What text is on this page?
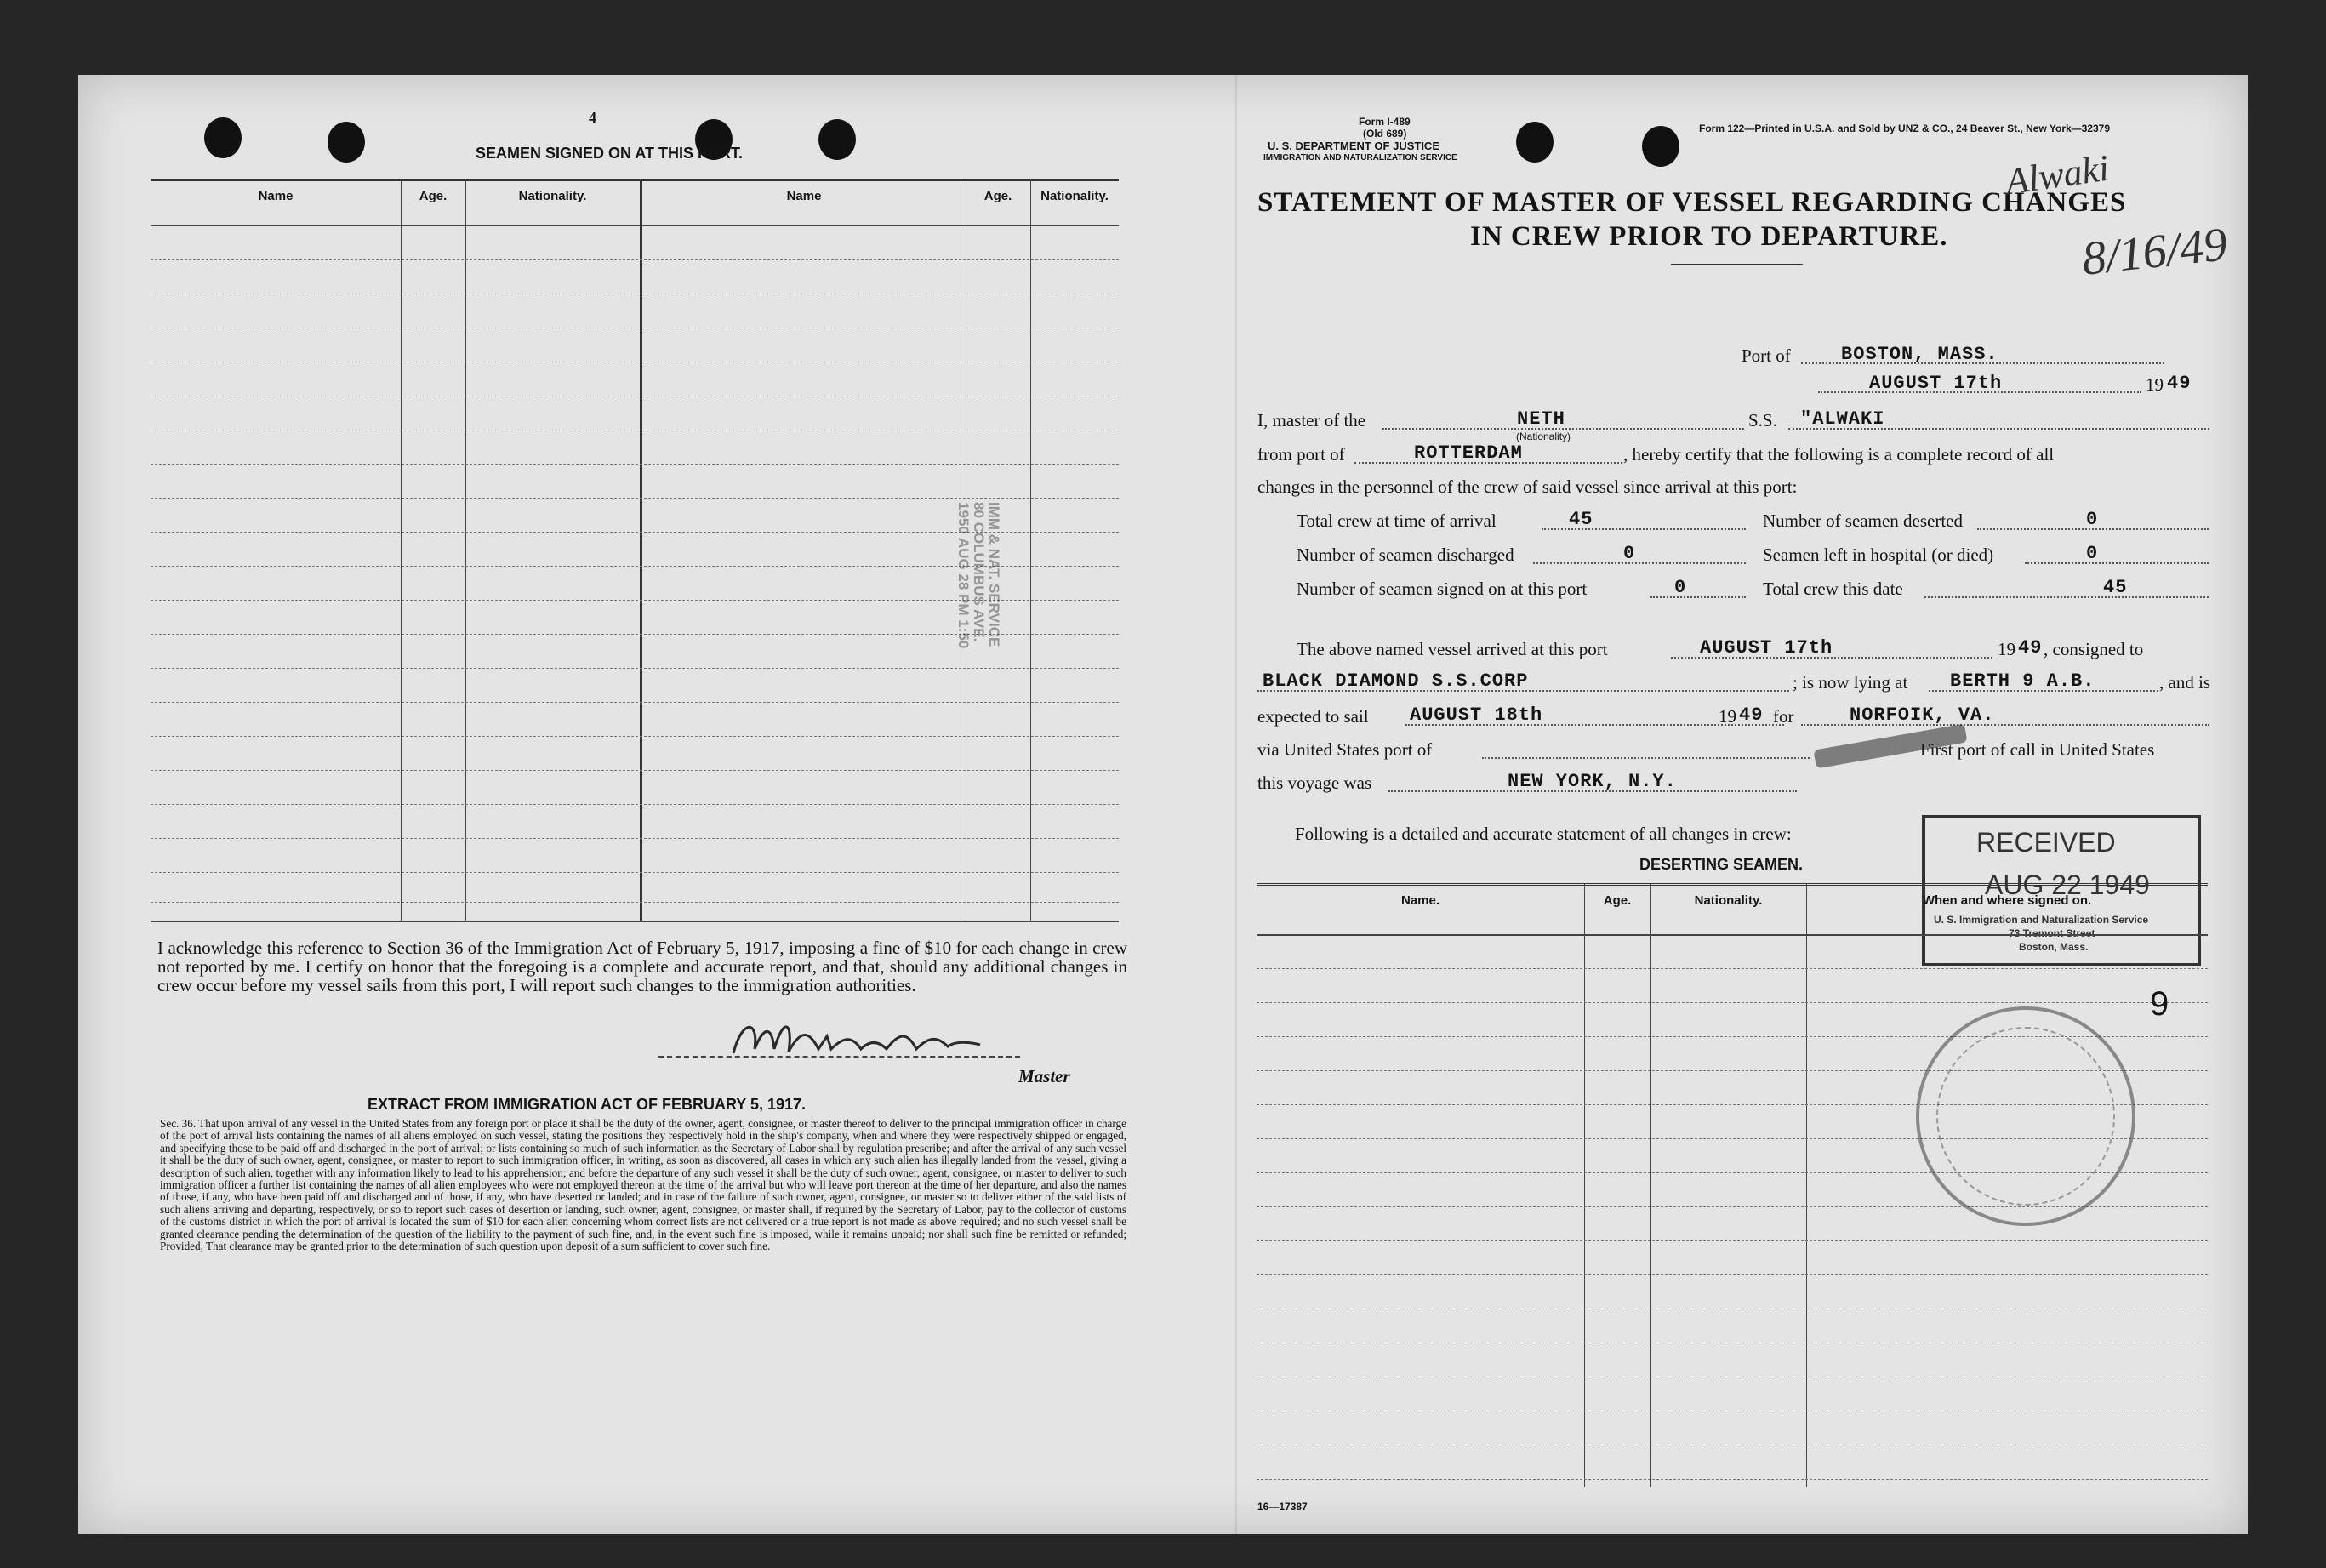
4
SEAMEN SIGNED ON AT THIS PORT.
Name	Age.	Nationality.	Name	Age.	Nationality.
IMM & NAT. SERVICE
80 COLUMBUS AVE.
1950 AUG 28 PM 1:50
I acknowledge this reference to Section 36 of the Immigration Act of February 5, 1917, imposing a fine of $10 for each change in crew not reported by me. I certify on honor that the foregoing is a complete and accurate report, and that, should any additional changes in crew occur before my vessel sails from this port, I will report such changes to the immigration authorities.
Master
EXTRACT FROM IMMIGRATION ACT OF FEBRUARY 5, 1917.
Sec. 36. That upon arrival of any vessel in the United States from any foreign port or place it shall be the duty of the owner, agent, consignee, or master thereof to deliver to the principal immigration officer in charge of the port of arrival lists containing the names of all aliens employed on such vessel, stating the positions they respectively hold in the ship's company, when and where they were respectively shipped or engaged, and specifying those to be paid off and discharged in the port of arrival; or lists containing so much of such information as the Secretary of Labor shall by regulation prescribe; and after the arrival of any such vessel it shall be the duty of such owner, agent, consignee, or master to report to such immigration officer, in writing, as soon as discovered, all cases in which any such alien has illegally landed from the vessel, giving a description of such alien, together with any information likely to lead to his apprehension; and before the departure of any such vessel it shall be the duty of such owner, agent, consignee, or master to deliver to such immigration officer a further list containing the names of all alien employees who were not employed thereon at the time of the arrival but who will leave port thereon at the time of her departure, and also the names of those, if any, who have been paid off and discharged and of those, if any, who have deserted or landed; and in case of the failure of such owner, agent, consignee, or master so to deliver either of the said lists of such aliens arriving and departing, respectively, or so to report such cases of desertion or landing, such owner, agent, consignee, or master shall, if required by the Secretary of Labor, pay to the collector of customs of the customs district in which the port of arrival is located the sum of $10 for each alien concerning whom correct lists are not delivered or a true report is not made as above required; and no such vessel shall be granted clearance pending the determination of the question of the liability to the payment of such fine, and, in the event such fine is imposed, while it remains unpaid; nor shall such fine be remitted or refunded; Provided, That clearance may be granted prior to the determination of such question upon deposit of a sum sufficient to cover such fine.
Form I-489
(Old 689)
U. S. DEPARTMENT OF JUSTICE
IMMIGRATION AND NATURALIZATION SERVICE
Form 122—Printed in U.S.A. and Sold by UNZ & CO., 24 Beaver St., New York—32379
STATEMENT OF MASTER OF VESSEL REGARDING CHANGES
IN CREW PRIOR TO DEPARTURE.
Alwaki
8/16/49
Port of	BOSTON, MASS.
AUGUST 17th	19 49
I, master of the	NETH
(Nationality)
S.S. "ALWAKI
from port of	ROTTERDAM	, hereby certify that the following is a complete record of all
changes in the personnel of the crew of said vessel since arrival at this port:
Total crew at time of arrival	45	Number of seamen deserted	0
Number of seamen discharged	0	Seamen left in hospital (or died)	0
Number of seamen signed on at this port	0	Total crew this date	45
The above named vessel arrived at this port	AUGUST 17th	19 49 , consigned to
BLACK DIAMOND S.S.CORP	; is now lying at BERTH 9 A.B.	, and is
expected to sail AUGUST 18th	19 49 for	NORFOIK, VA.
via United States port of	First port of call in United States
this voyage was	NEW YORK, N.Y.
Following is a detailed and accurate statement of all changes in crew:
DESERTING SEAMEN.
RECEIVED
AUG 22 1949
U. S. Immigration and Naturalization Service
73 Tremont Street
Boston, Mass.
Name.	Age.	Nationality.	When and where signed on.
9
16—17387
